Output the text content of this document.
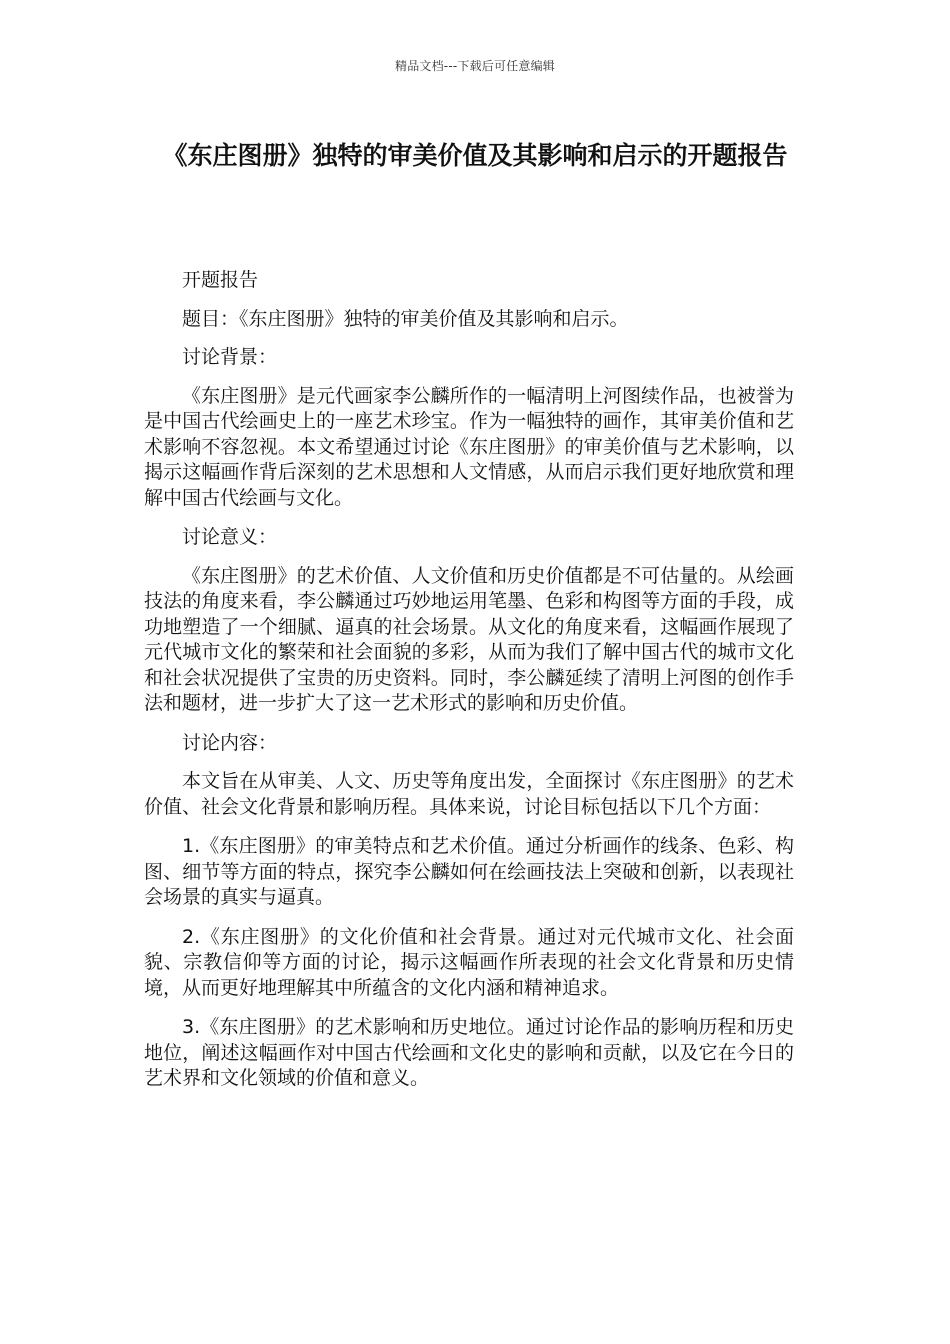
精品文档---下载后可任意编辑
《东庄图册》独特的审美价值及其影响和启示的开题报告

开题报告

题目：《东庄图册》独特的审美价值及其影响和启示。

讨论背景：

《东庄图册》是元代画家李公麟所作的一幅清明上河图续作品，也被誉为是中国古代绘画史上的一座艺术珍宝。作为一幅独特的画作，其审美价值和艺术影响不容忽视。本文希望通过讨论《东庄图册》的审美价值与艺术影响，以揭示这幅画作背后深刻的艺术思想和人文情感，从而启示我们更好地欣赏和理解中国古代绘画与文化。

讨论意义：

《东庄图册》的艺术价值、人文价值和历史价值都是不可估量的。从绘画技法的角度来看，李公麟通过巧妙地运用笔墨、色彩和构图等方面的手段，成功地塑造了一个细腻、逼真的社会场景。从文化的角度来看，这幅画作展现了元代城市文化的繁荣和社会面貌的多彩，从而为我们了解中国古代的城市文化和社会状况提供了宝贵的历史资料。同时，李公麟延续了清明上河图的创作手法和题材，进一步扩大了这一艺术形式的影响和历史价值。

讨论内容：

本文旨在从审美、人文、历史等角度出发，全面探讨《东庄图册》的艺术价值、社会文化背景和影响历程。具体来说，讨论目标包括以下几个方面：

1.《东庄图册》的审美特点和艺术价值。通过分析画作的线条、色彩、构图、细节等方面的特点，探究李公麟如何在绘画技法上突破和创新，以表现社会场景的真实与逼真。

2.《东庄图册》的文化价值和社会背景。通过对元代城市文化、社会面貌、宗教信仰等方面的讨论，揭示这幅画作所表现的社会文化背景和历史情境，从而更好地理解其中所蕴含的文化内涵和精神追求。

3.《东庄图册》的艺术影响和历史地位。通过讨论作品的影响历程和历史地位，阐述这幅画作对中国古代绘画和文化史的影响和贡献，以及它在今日的艺术界和文化领域的价值和意义。
